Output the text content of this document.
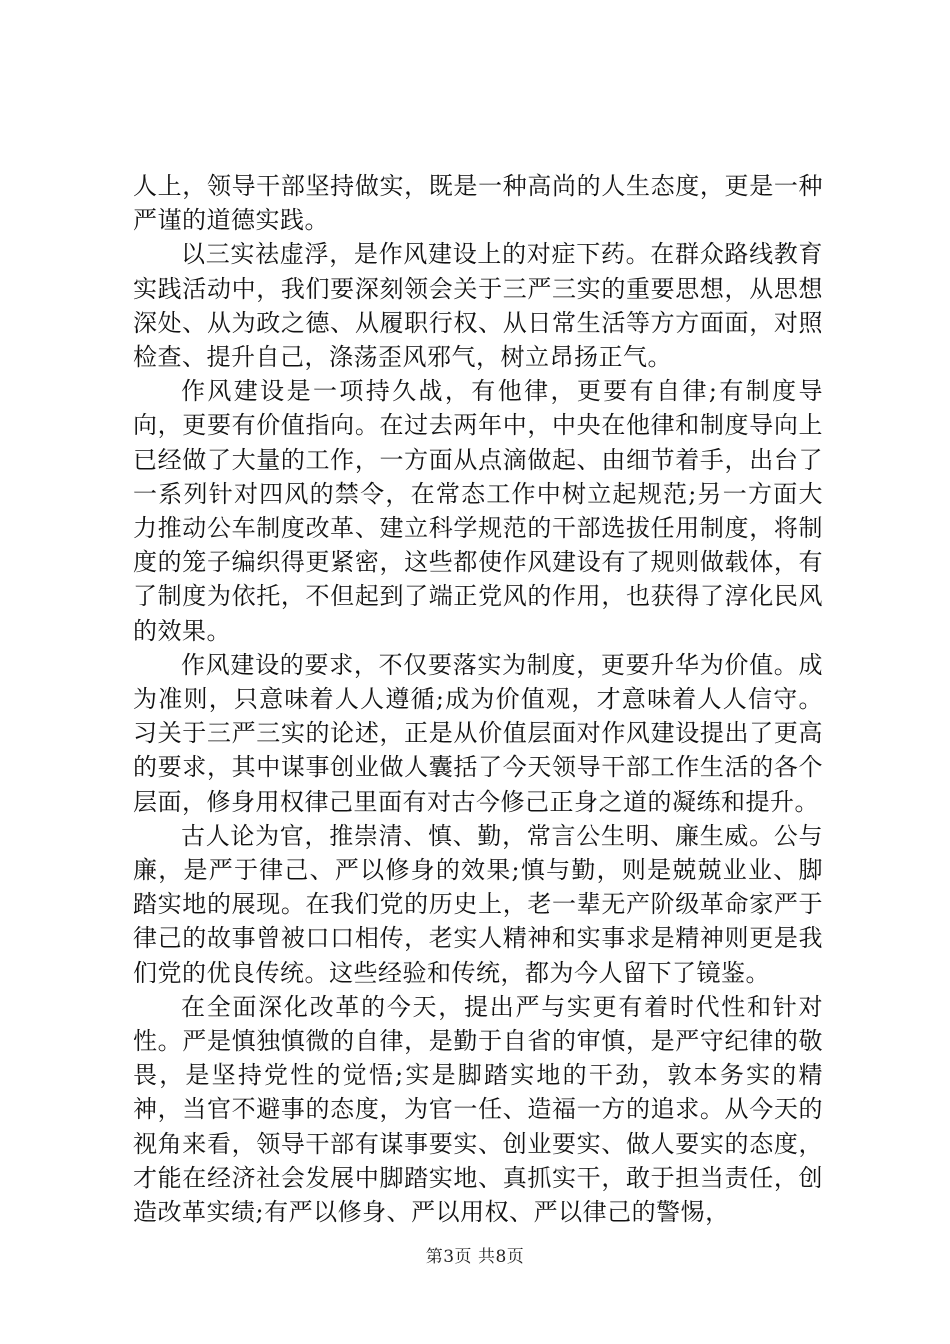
人上，领导干部坚持做实，既是一种高尚的人生态度，更是一种严谨的道德实践。

以三实祛虚浮，是作风建设上的对症下药。在群众路线教育实践活动中，我们要深刻领会关于三严三实的重要思想，从思想深处、从为政之德、从履职行权、从日常生活等方方面面，对照检查、提升自己，涤荡歪风邪气，树立昂扬正气。

作风建设是一项持久战，有他律，更要有自律;有制度导向，更要有价值指向。在过去两年中，中央在他律和制度导向上已经做了大量的工作，一方面从点滴做起、由细节着手，出台了一系列针对四风的禁令，在常态工作中树立起规范;另一方面大力推动公车制度改革、建立科学规范的干部选拔任用制度，将制度的笼子编织得更紧密，这些都使作风建设有了规则做载体，有了制度为依托，不但起到了端正党风的作用，也获得了淳化民风的效果。

作风建设的要求，不仅要落实为制度，更要升华为价值。成为准则，只意味着人人遵循;成为价值观，才意味着人人信守。习关于三严三实的论述，正是从价值层面对作风建设提出了更高的要求，其中谋事创业做人囊括了今天领导干部工作生活的各个层面，修身用权律己里面有对古今修己正身之道的凝练和提升。

古人论为官，推崇清、慎、勤，常言公生明、廉生威。公与廉，是严于律己、严以修身的效果;慎与勤，则是兢兢业业、脚踏实地的展现。在我们党的历史上，老一辈无产阶级革命家严于律己的故事曾被口口相传，老实人精神和实事求是精神则更是我们党的优良传统。这些经验和传统，都为今人留下了镜鉴。

在全面深化改革的今天，提出严与实更有着时代性和针对性。严是慎独慎微的自律，是勤于自省的审慎，是严守纪律的敬畏，是坚持党性的觉悟;实是脚踏实地的干劲，敦本务实的精神，当官不避事的态度，为官一任、造福一方的追求。从今天的视角来看，领导干部有谋事要实、创业要实、做人要实的态度，才能在经济社会发展中脚踏实地、真抓实干，敢于担当责任，创造改革实绩;有严以修身、严以用权、严以律己的警惕，

第3页 共8页
